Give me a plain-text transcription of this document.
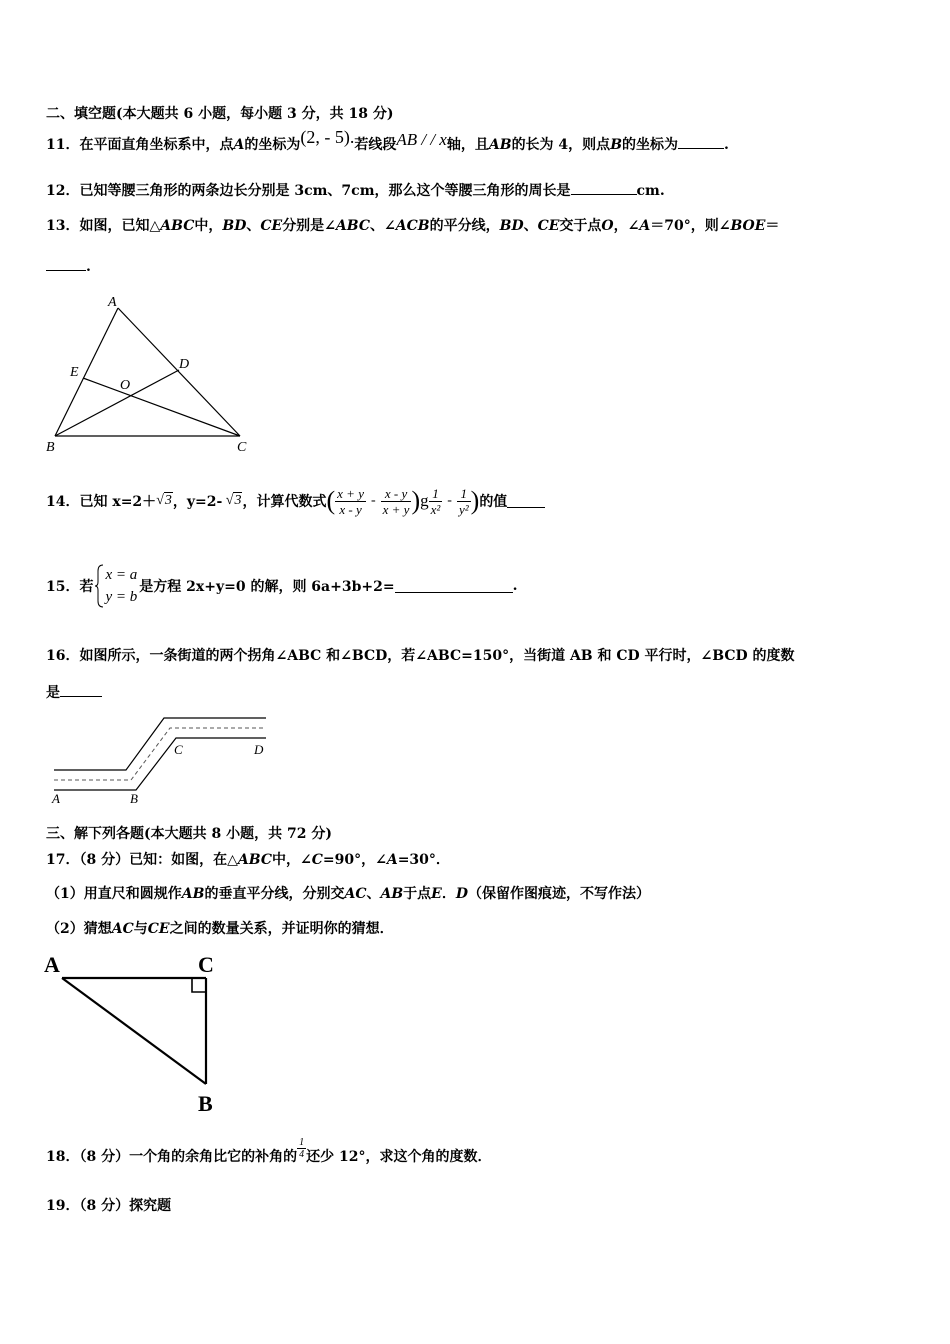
二、填空题(本大题共 6 小题，每小题 3 分，共 18 分)
11．在平面直角坐标系中，点A的坐标为(2, - 5).若线段AB / / x轴，且AB的长为 4，则点B的坐标为	.
12．已知等腰三角形的两条边长分别是 3cm、7cm，那么这个等腰三角形的周长是	cm.
13．如图，已知△ABC中，BD、CE分别是∠ABC、∠ACB的平分线，BD、CE交于点O，∠A＝70°，则∠BOE＝
.
A
B	C
D
E
O
14． 已知 x=2＋ √3 ，y=2- √3 ，计算代数式 ( $\frac{x + y}{x - y} - \frac{x - y}{x + y}$ ) g $\frac{1}{\text{x²}} - \frac{1}{\text{y²}}$ ) 的值
15． 若
x = a
y = b
是方程 2x+y=0 的解，则 6a+3b+2=	.
16．如图所示，一条街道的两个拐角∠ABC 和∠BCD，若∠ABC=150°，当街道 AB 和 CD 平行时，∠BCD 的度数
是
A	B
C	D
三、解下列各题(本大题共 8 小题，共 72 分)
17．（8 分）已知：如图，在△ABC中，∠C=90°，∠A=30°．
（1）用直尺和圆规作AB的垂直平分线，分别交AC、AB于点E．D（保留作图痕迹，不写作法）
（2）猜想AC与CE之间的数量关系，并证明你的猜想．
A	C
B
18．（8 分）一个角的余角比它的补角的 $\frac{1}{4}$ 还少 12°，求这个角的度数．
19．（8 分）探究题
